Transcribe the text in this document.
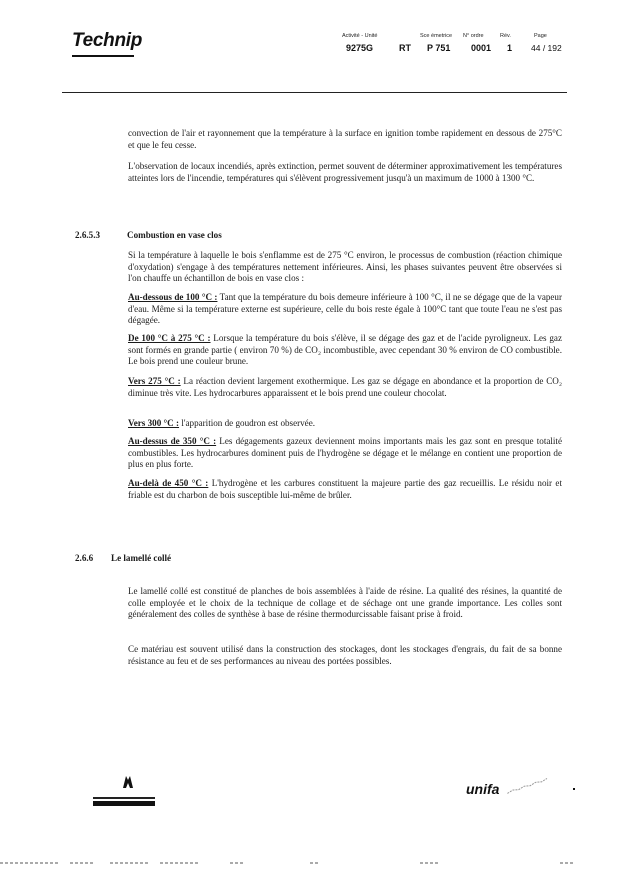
Technip	Activité - Unité	Sce émetrice N° ordre	Rév.	Page
9275G	RT P 751 0001 1 44 / 192

convection de l'air et rayonnement que la température à la surface en ignition tombe rapidement en dessous de 275°C et que le feu cesse.

L'observation de locaux incendiés, après extinction, permet souvent de déterminer approximativement les températures atteintes lors de l'incendie, températures qui s'élèvent progressivement jusqu'à un maximum de 1000 à 1300 °C.

2.6.5.3	Combustion en vase clos

Si la température à laquelle le bois s'enflamme est de 275 °C environ, le processus de combustion (réaction chimique d'oxydation) s'engage à des températures nettement inférieures. Ainsi, les phases suivantes peuvent être observées si l'on chauffe un échantillon de bois en vase clos :

Au-dessous de 100 °C : Tant que la température du bois demeure inférieure à 100 °C, il ne se dégage que de la vapeur d'eau. Même si la température externe est supérieure, celle du bois reste égale à 100°C tant que toute l'eau ne s'est pas dégagée.

De 100 °C à 275 °C : Lorsque la température du bois s'élève, il se dégage des gaz et de l'acide pyroligneux. Les gaz sont formés en grande partie ( environ 70 %) de CO₂ incombustible, avec cependant 30 % environ de CO combustible. Le bois prend une couleur brune.

Vers 275 °C : La réaction devient largement exothermique. Les gaz se dégage en abondance et la proportion de CO₂ diminue très vite. Les hydrocarbures apparaissent et le bois prend une couleur chocolat.

Vers 300 °C : l'apparition de goudron est observée.

Au-dessus de 350 °C : Les dégagements gazeux deviennent moins importants mais les gaz sont en presque totalité combustibles. Les hydrocarbures dominent puis de l'hydrogène se dégage et le mélange en contient une proportion de plus en plus forte.

Au-delà de 450 °C : L'hydrogène et les carbures constituent la majeure partie des gaz recueillis. Le résidu noir et friable est du charbon de bois susceptible lui-même de brûler.

2.6.6 Le lamellé collé

Le lamellé collé est constitué de planches de bois assemblées à l'aide de résine. La qualité des résines, la quantité de colle employée et le choix de la technique de collage et de séchage ont une grande importance. Les colles sont généralement des colles de synthèse à base de résine thermodurcissable faisant prise à froid.

Ce matériau est souvent utilisé dans la construction des stockages, dont les stockages d'engrais, du fait de sa bonne résistance au feu et de ses performances au niveau des portées possibles.

unifa
